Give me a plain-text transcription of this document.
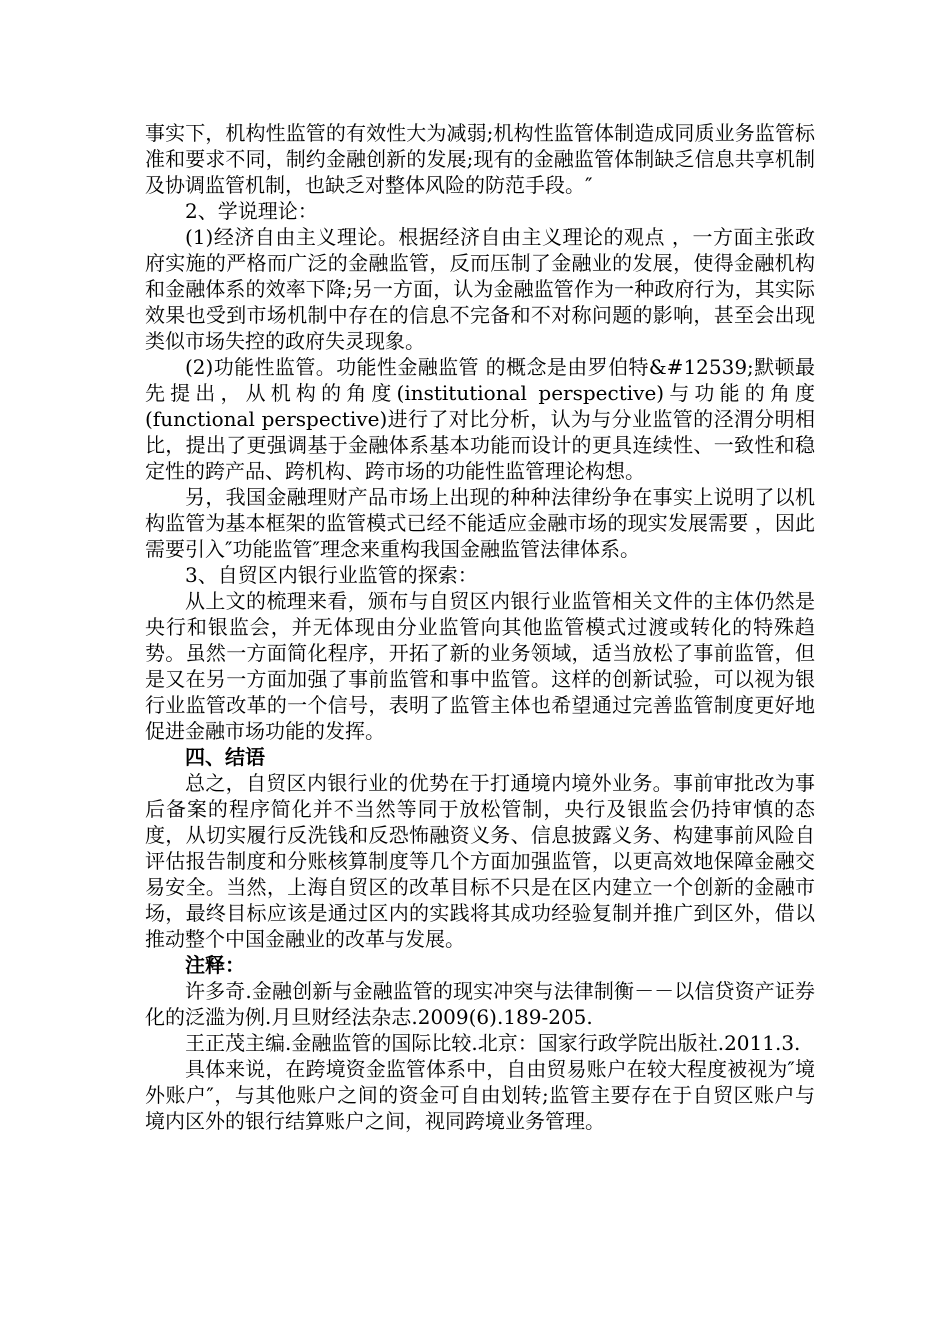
事实下，机构性监管的有效性大为减弱;机构性监管体制造成同质业务监管标准和要求不同，制约金融创新的发展;现有的金融监管体制缺乏信息共享机制及协调监管机制，也缺乏对整体风险的防范手段。″

2、学说理论：

(1)经济自由主义理论。根据经济自由主义理论的观点 ，一方面主张政府实施的严格而广泛的金融监管，反而压制了金融业的发展，使得金融机构和金融体系的效率下降;另一方面，认为金融监管作为一种政府行为，其实际效果也受到市场机制中存在的信息不完备和不对称问题的影响，甚至会出现类似市场失控的政府失灵现象。

(2)功能性监管。功能性金融监管 的概念是由罗伯特&#12539;默顿最先提出，从机构的角度(institutional perspective)与功能的角度(functional perspective)进行了对比分析，认为与分业监管的泾渭分明相比，提出了更强调基于金融体系基本功能而设计的更具连续性、一致性和稳定性的跨产品、跨机构、跨市场的功能性监管理论构想。

另，我国金融理财产品市场上出现的种种法律纷争在事实上说明了以机构监管为基本框架的监管模式已经不能适应金融市场的现实发展需要 ，因此需要引入″功能监管″理念来重构我国金融监管法律体系。

3、自贸区内银行业监管的探索：

从上文的梳理来看，颁布与自贸区内银行业监管相关文件的主体仍然是央行和银监会，并无体现由分业监管向其他监管模式过渡或转化的特殊趋势。虽然一方面简化程序，开拓了新的业务领域，适当放松了事前监管，但是又在另一方面加强了事前监管和事中监管。这样的创新试验，可以视为银行业监管改革的一个信号，表明了监管主体也希望通过完善监管制度更好地促进金融市场功能的发挥。

四、结语

总之，自贸区内银行业的优势在于打通境内境外业务。事前审批改为事后备案的程序简化并不当然等同于放松管制，央行及银监会仍持审慎的态度，从切实履行反洗钱和反恐怖融资义务、信息披露义务、构建事前风险自评估报告制度和分账核算制度等几个方面加强监管，以更高效地保障金融交易安全。当然，上海自贸区的改革目标不只是在区内建立一个创新的金融市场，最终目标应该是通过区内的实践将其成功经验复制并推广到区外，借以推动整个中国金融业的改革与发展。

注释：

许多奇.金融创新与金融监管的现实冲突与法律制衡－－以信贷资产证券化的泛滥为例.月旦财经法杂志.2009(6).189-205.

王正茂主编.金融监管的国际比较.北京：国家行政学院出版社.2011.3.

具体来说，在跨境资金监管体系中，自由贸易账户在较大程度被视为″境外账户″，与其他账户之间的资金可自由划转;监管主要存在于自贸区账户与境内区外的银行结算账户之间，视同跨境业务管理。
